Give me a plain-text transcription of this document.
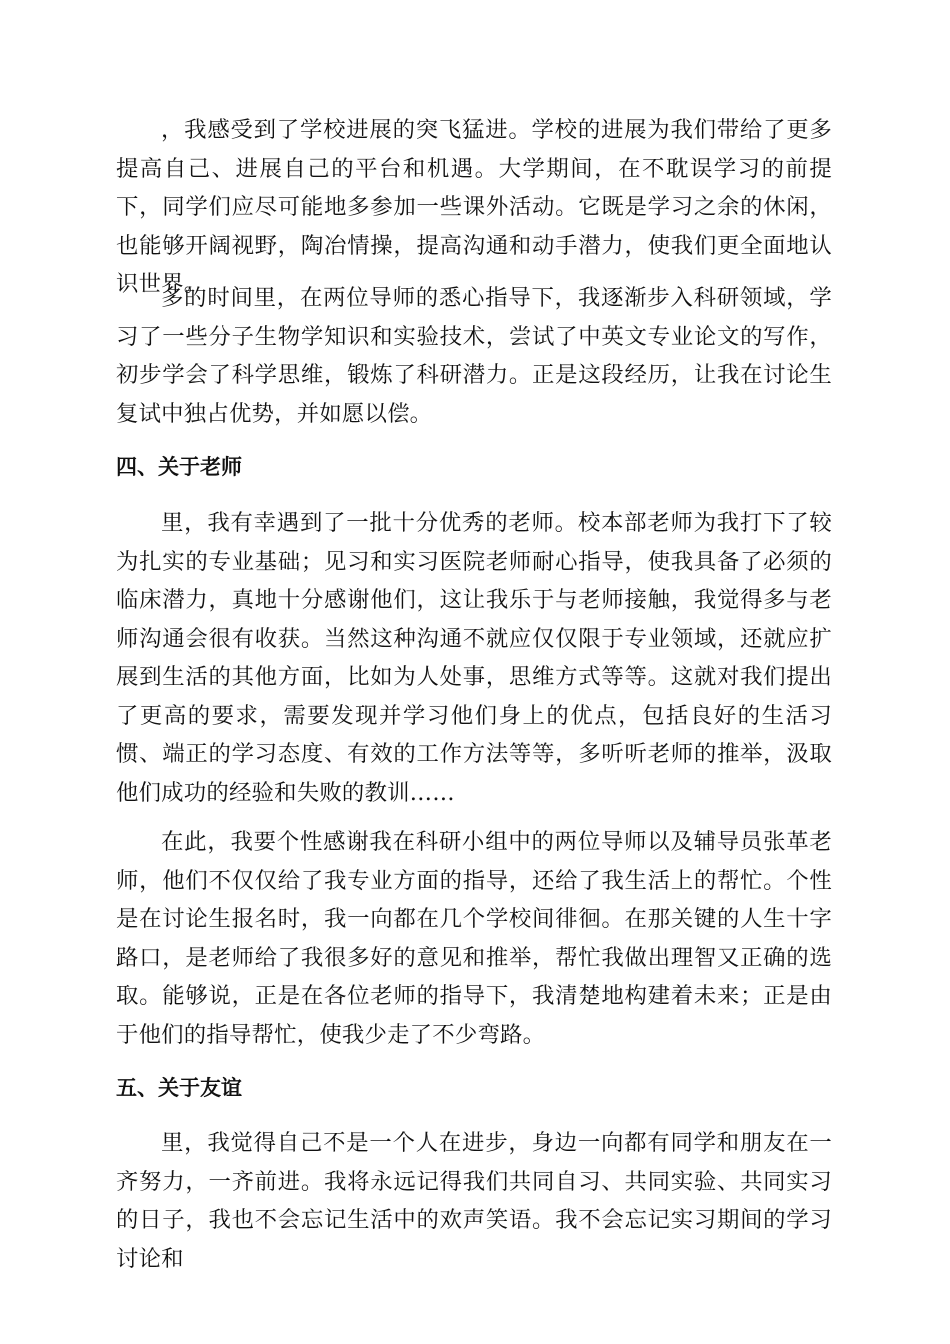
，我感受到了学校进展的突飞猛进。学校的进展为我们带给了更多提高自己、进展自己的平台和机遇。大学期间，在不耽误学习的前提下，同学们应尽可能地多参加一些课外活动。它既是学习之余的休闲，也能够开阔视野，陶冶情操，提高沟通和动手潜力，使我们更全面地认识世界。

多的时间里，在两位导师的悉心指导下，我逐渐步入科研领域，学习了一些分子生物学知识和实验技术，尝试了中英文专业论文的写作，初步学会了科学思维，锻炼了科研潜力。正是这段经历，让我在讨论生复试中独占优势，并如愿以偿。

四、关于老师

里，我有幸遇到了一批十分优秀的老师。校本部老师为我打下了较为扎实的专业基础；见习和实习医院老师耐心指导，使我具备了必须的临床潜力，真地十分感谢他们，这让我乐于与老师接触，我觉得多与老师沟通会很有收获。当然这种沟通不就应仅仅限于专业领域，还就应扩展到生活的其他方面，比如为人处事，思维方式等等。这就对我们提出了更高的要求，需要发现并学习他们身上的优点，包括良好的生活习惯、端正的学习态度、有效的工作方法等等，多听听老师的推举，汲取他们成功的经验和失败的教训……

在此，我要个性感谢我在科研小组中的两位导师以及辅导员张革老师，他们不仅仅给了我专业方面的指导，还给了我生活上的帮忙。个性是在讨论生报名时，我一向都在几个学校间徘徊。在那关键的人生十字路口，是老师给了我很多好的意见和推举，帮忙我做出理智又正确的选取。能够说，正是在各位老师的指导下，我清楚地构建着未来；正是由于他们的指导帮忙，使我少走了不少弯路。

五、关于友谊

里，我觉得自己不是一个人在进步，身边一向都有同学和朋友在一齐努力，一齐前进。我将永远记得我们共同自习、共同实验、共同实习的日子，我也不会忘记生活中的欢声笑语。我不会忘记实习期间的学习讨论和
